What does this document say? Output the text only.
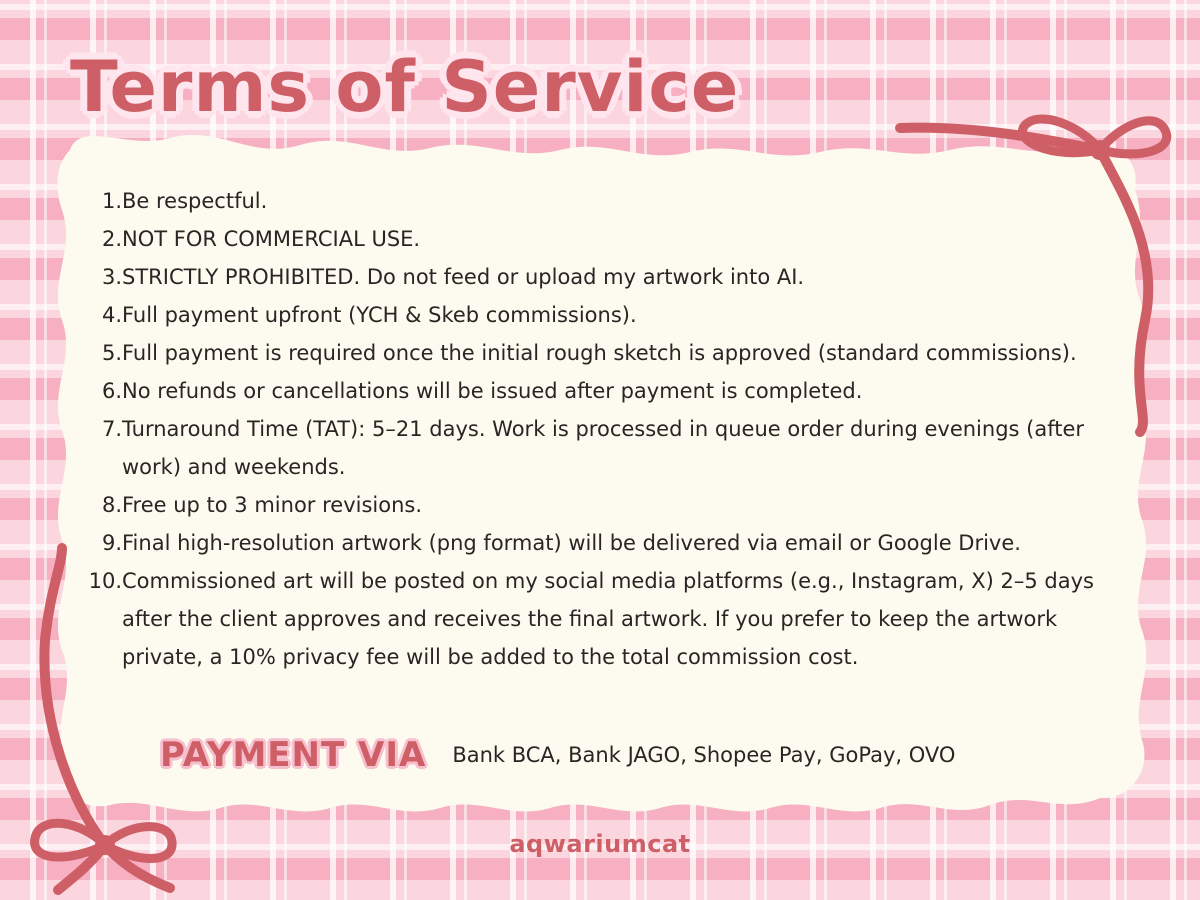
Terms of Service
1. Be respectful.
2. NOT FOR COMMERCIAL USE.
3. STRICTLY PROHIBITED. Do not feed or upload my artwork into AI.
4. Full payment upfront (YCH & Skeb commissions).
5. Full payment is required once the initial rough sketch is approved (standard commissions).
6. No refunds or cancellations will be issued after payment is completed.
7. Turnaround Time (TAT): 5–21 days. Work is processed in queue order during evenings (after work) and weekends.
8. Free up to 3 minor revisions.
9. Final high-resolution artwork (png format) will be delivered via email or Google Drive.
10. Commissioned art will be posted on my social media platforms (e.g., Instagram, X) 2–5 days after the client approves and receives the final artwork. If you prefer to keep the artwork private, a 10% privacy fee will be added to the total commission cost.
PAYMENT VIA Bank BCA, Bank JAGO, Shopee Pay, GoPay, OVO
aqwariumcat
